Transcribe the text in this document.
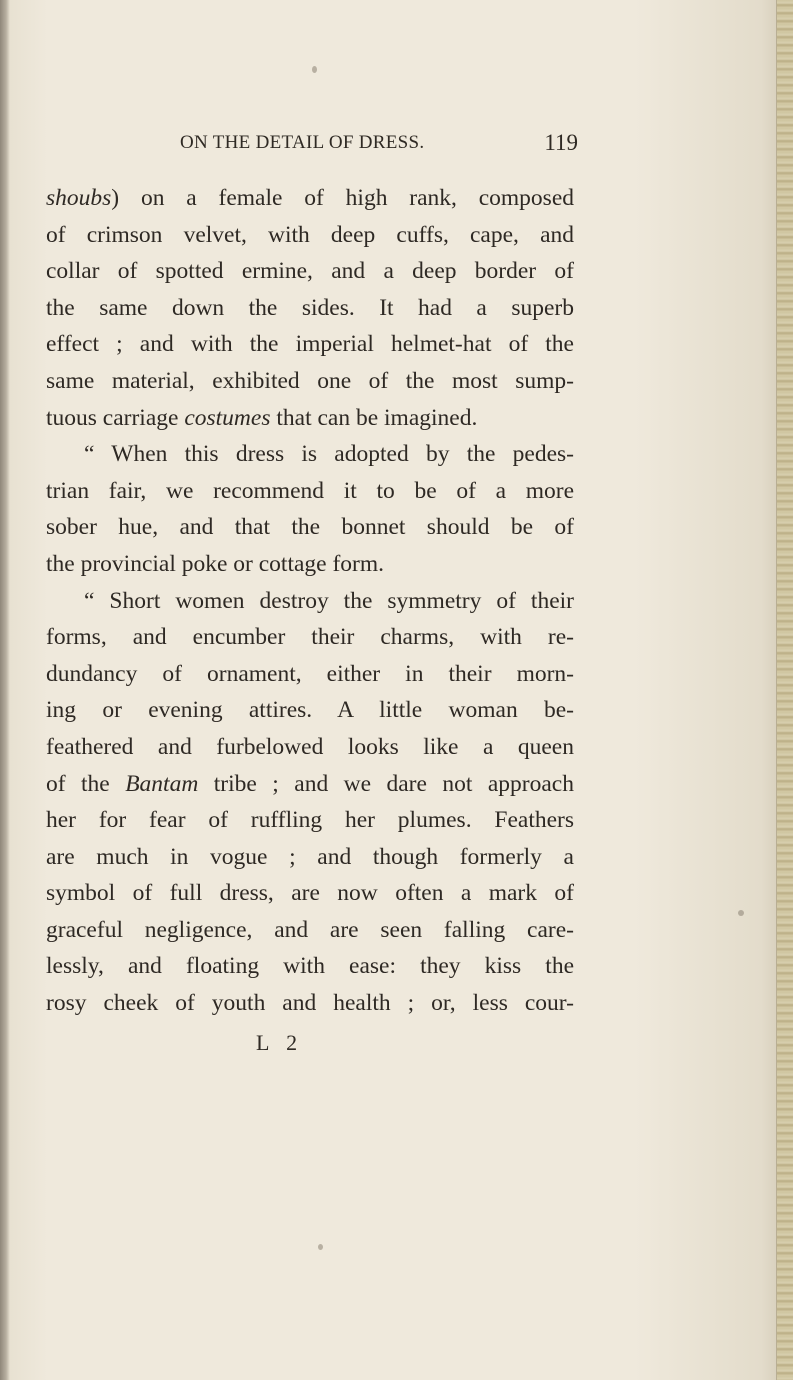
ON THE DETAIL OF DRESS.	119
shoubs) on a female of high rank, composed
of crimson velvet, with deep cuffs, cape, and
collar of spotted ermine, and a deep border of
the same down the sides. It had a superb
effect ; and with the imperial helmet-hat of the
same material, exhibited one of the most sump-
tuous carriage costumes that can be imagined.
“ When this dress is adopted by the pedes-
trian fair, we recommend it to be of a more
sober hue, and that the bonnet should be of
the provincial poke or cottage form.
“ Short women destroy the symmetry of their
forms, and encumber their charms, with re-
dundancy of ornament, either in their morn-
ing or evening attires. A little woman be-
feathered and furbelowed looks like a queen
of the Bantam tribe ; and we dare not approach
her for fear of ruffling her plumes. Feathers
are much in vogue ; and though formerly a
symbol of full dress, are now often a mark of
graceful negligence, and are seen falling care-
lessly, and floating with ease: they kiss the
rosy cheek of youth and health ; or, less cour-
L 2
